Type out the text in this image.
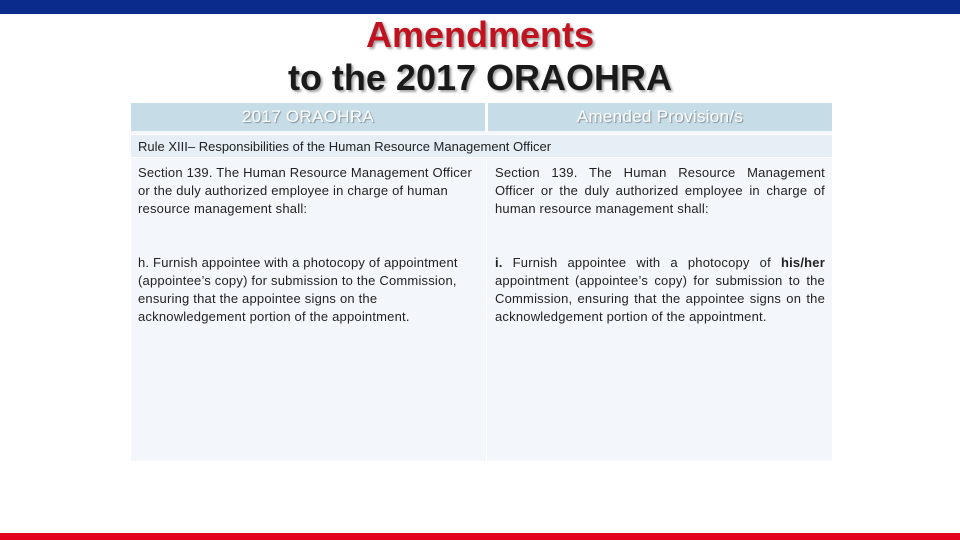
Amendments
to the 2017 ORAOHRA
2017 ORAOHRA	Amended Provision/s
Rule XIII– Responsibilities of the Human Resource Management Officer
Section 139. The Human Resource Management Officer or the duly authorized employee in charge of human resource management shall:
h. Furnish appointee with a photocopy of appointment (appointee’s copy) for submission to the Commission, ensuring that the appointee signs on the acknowledgement portion of the appointment.
Section 139. The Human Resource Management Officer or the duly authorized employee in charge of human resource management shall:
i. Furnish appointee with a photocopy of his/her appointment (appointee’s copy) for submission to the Commission, ensuring that the appointee signs on the acknowledgement portion of the appointment.
